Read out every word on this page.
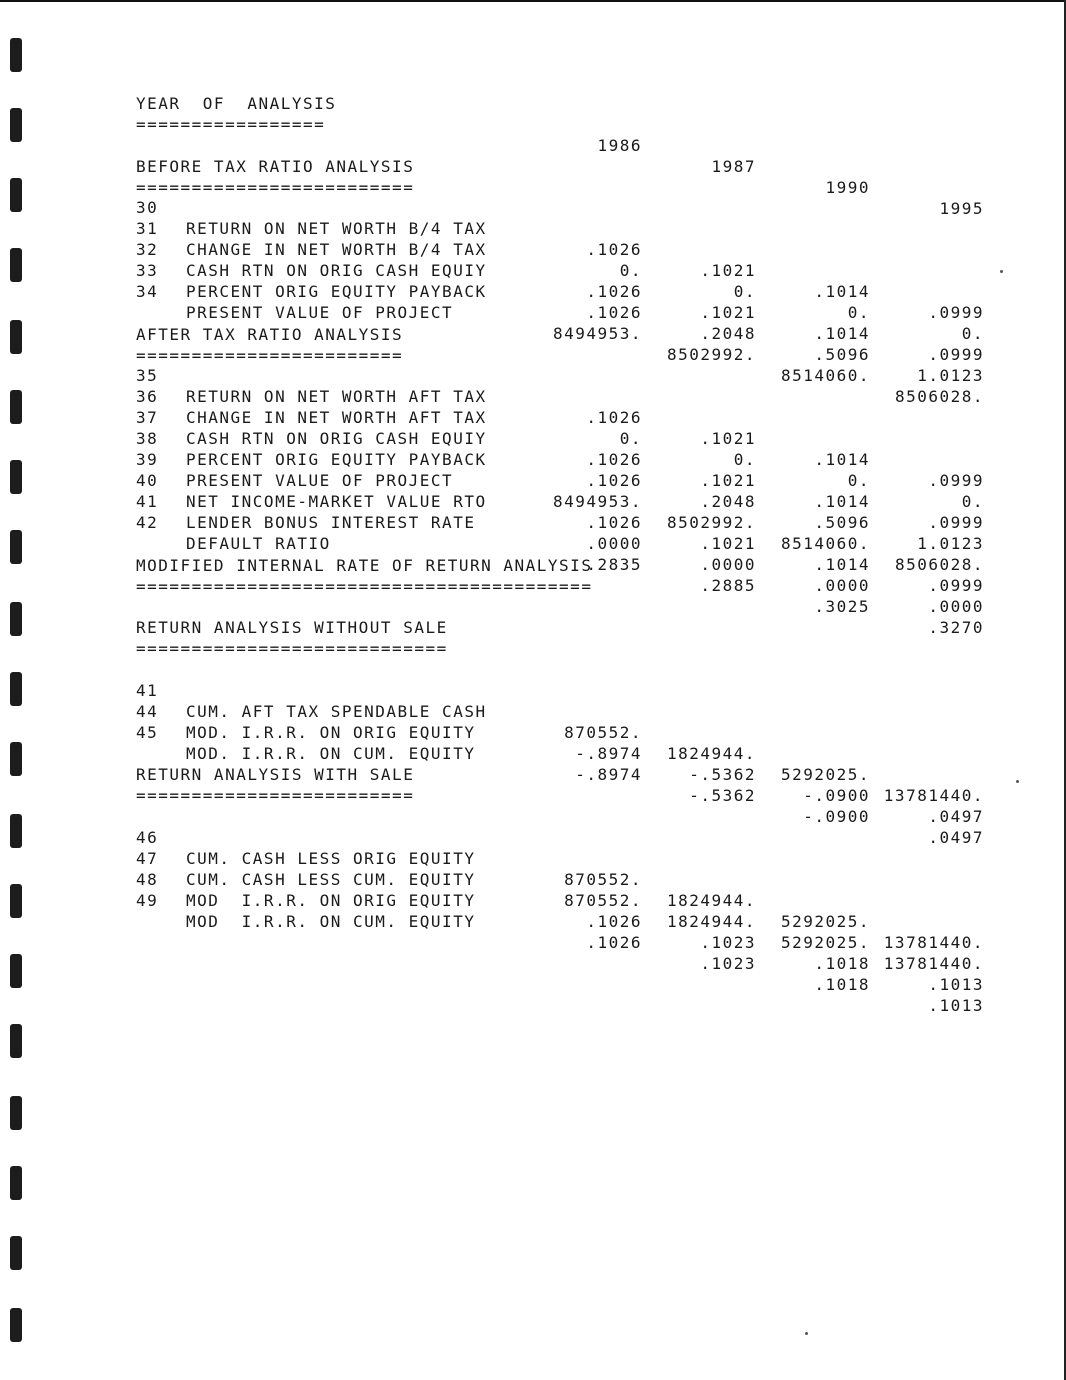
YEAR  OF  ANALYSIS

=================

1986

1987

1990

1995

BEFORE TAX RATIO ANALYSIS

=========================

30

RETURN ON NET WORTH B/4 TAX

.1026

.1021

.1014

.0999

31

CHANGE IN NET WORTH B/4 TAX

0.

0.

0.

0.

32

CASH RTN ON ORIG CASH EQUIY

.1026

.1021

.1014

.0999

33

PERCENT ORIG EQUITY PAYBACK

.1026

.2048

.5096

1.0123

34

PRESENT VALUE OF PROJECT

8494953.

8502992.

8514060.

8506028.

AFTER TAX RATIO ANALYSIS

========================

35

RETURN ON NET WORTH AFT TAX

.1026

.1021

.1014

.0999

36

CHANGE IN NET WORTH AFT TAX

0.

0.

0.

0.

37

CASH RTN ON ORIG CASH EQUIY

.1026

.1021

.1014

.0999

38

PERCENT ORIG EQUITY PAYBACK

.1026

.2048

.5096

1.0123

39

PRESENT VALUE OF PROJECT

8494953.

8502992.

8514060.

8506028.

40

NET INCOME-MARKET VALUE RTO

.1026

.1021

.1014

.0999

41

LENDER BONUS INTEREST RATE

.0000

.0000

.0000

.0000

42

DEFAULT RATIO

.2835

.2885

.3025

.3270

MODIFIED INTERNAL RATE OF RETURN ANALYSIS

=========================================

RETURN ANALYSIS WITHOUT SALE

============================

41

CUM. AFT TAX SPENDABLE CASH

870552.

1824944.

5292025.

13781440.

44

MOD. I.R.R. ON ORIG EQUITY

-.8974

-.5362

-.0900

.0497

45

MOD. I.R.R. ON CUM. EQUITY

-.8974

-.5362

-.0900

.0497

RETURN ANALYSIS WITH SALE

=========================

46

CUM. CASH LESS ORIG EQUITY

870552.

1824944.

5292025.

13781440.

47

CUM. CASH LESS CUM. EQUITY

870552.

1824944.

5292025.

13781440.

48

MOD  I.R.R. ON ORIG EQUITY

.1026

.1023

.1018

.1013

49

MOD  I.R.R. ON CUM. EQUITY

.1026

.1023

.1018

.1013
